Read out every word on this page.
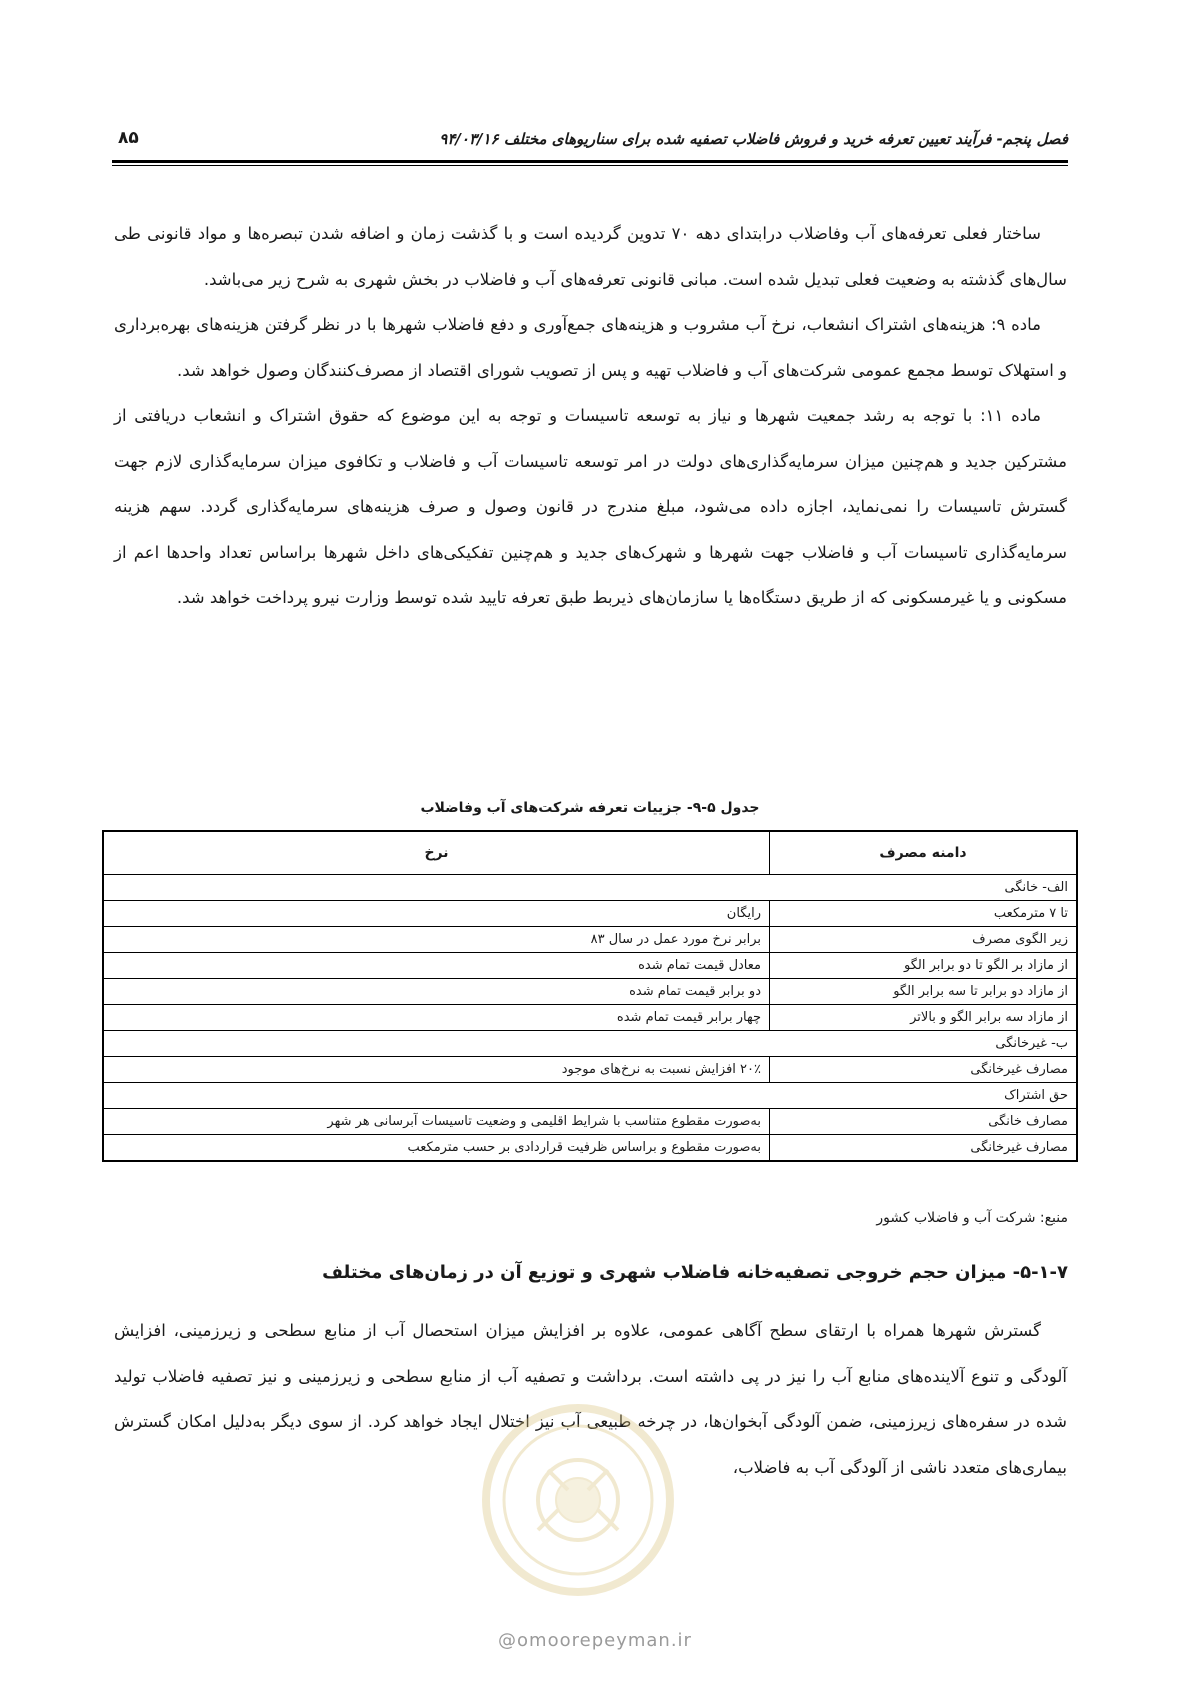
فصل پنجم- فرآیند تعیین تعرفه خرید و فروش فاضلاب تصفیه شده برای سناریوهای مختلف ۹۴/۰۳/۱۶
۸۵

ساختار فعلی تعرفه‌های آب وفاضلاب درابتدای دهه ۷۰ تدوین گردیده است و با گذشت زمان و اضافه شدن تبصره‌ها و مواد قانونی طی سال‌های گذشته به وضعیت فعلی تبدیل شده است. مبانی قانونی تعرفه‌های آب و فاضلاب در بخش شهری به شرح زیر می‌باشد.

ماده ۹: هزینه‌های اشتراک انشعاب، نرخ آب مشروب و هزینه‌های جمع‌آوری و دفع فاضلاب شهرها با در نظر گرفتن هزینه‌های بهره‌برداری و استهلاک توسط مجمع عمومی شرکت‌های آب و فاضلاب تهیه و پس از تصویب شورای اقتصاد از مصرف‌کنندگان وصول خواهد شد.

ماده ۱۱: با توجه به رشد جمعیت شهرها و نیاز به توسعه تاسیسات و توجه به این موضوع که حقوق اشتراک و انشعاب دریافتی از مشترکین جدید و هم‌چنین میزان سرمایه‌گذاری‌های دولت در امر توسعه تاسیسات آب و فاضلاب و تکافوی میزان سرمایه‌گذاری لازم جهت گسترش تاسیسات را نمی‌نماید، اجازه داده می‌شود، مبلغ مندرج در قانون وصول و صرف هزینه‌های سرمایه‌گذاری گردد. سهم هزینه سرمایه‌گذاری تاسیسات آب و فاضلاب جهت شهرها و شهرک‌های جدید و هم‌چنین تفکیکی‌های داخل شهرها براساس تعداد واحدها اعم از مسکونی و یا غیرمسکونی که از طریق دستگاه‌ها یا سازمان‌های ذیربط طبق تعرفه تایید شده توسط وزارت نیرو پرداخت خواهد شد.

جدول ۵-۹- جزییات تعرفه شرکت‌های آب وفاضلاب
دامنه مصرف	نرخ
الف- خانگی	
تا ۷ مترمکعب	رایگان
زیر الگوی مصرف	برابر نرخ مورد عمل در سال ۸۳
از مازاد بر الگو تا دو برابر الگو	معادل قیمت تمام شده
از مازاد دو برابر تا سه برابر الگو	دو برابر قیمت تمام شده
از مازاد سه برابر الگو و بالاتر	چهار برابر قیمت تمام شده
ب- غیرخانگی	
مصارف غیرخانگی	۲۰٪ افزایش نسبت به نرخ‌های موجود
حق اشتراک	
مصارف خانگی	به‌صورت مقطوع متناسب با شرایط اقلیمی و وضعیت تاسیسات آبرسانی هر شهر
مصارف غیرخانگی	به‌صورت مقطوع و براساس ظرفیت قراردادی بر حسب مترمکعب
منبع: شرکت آب و فاضلاب کشور
۵-۱-۷- میزان حجم خروجی تصفیه‌خانه فاضلاب شهری و توزیع آن در زمان‌های مختلف

گسترش شهرها همراه با ارتقای سطح آگاهی عمومی، علاوه بر افزایش میزان استحصال آب از منابع سطحی و زیرزمینی، افزایش آلودگی و تنوع آلاینده‌های منابع آب را نیز در پی داشته است. برداشت و تصفیه آب از منابع سطحی و زیرزمینی و نیز تصفیه فاضلاب تولید شده در سفره‌های زیرزمینی، ضمن آلودگی آبخوان‌ها، در چرخه طبیعی آب نیز اختلال ایجاد خواهد کرد. از سوی دیگر به‌دلیل امکان گسترش بیماری‌های متعدد ناشی از آلودگی آب به فاضلاب،

@omoorepeyman.ir
